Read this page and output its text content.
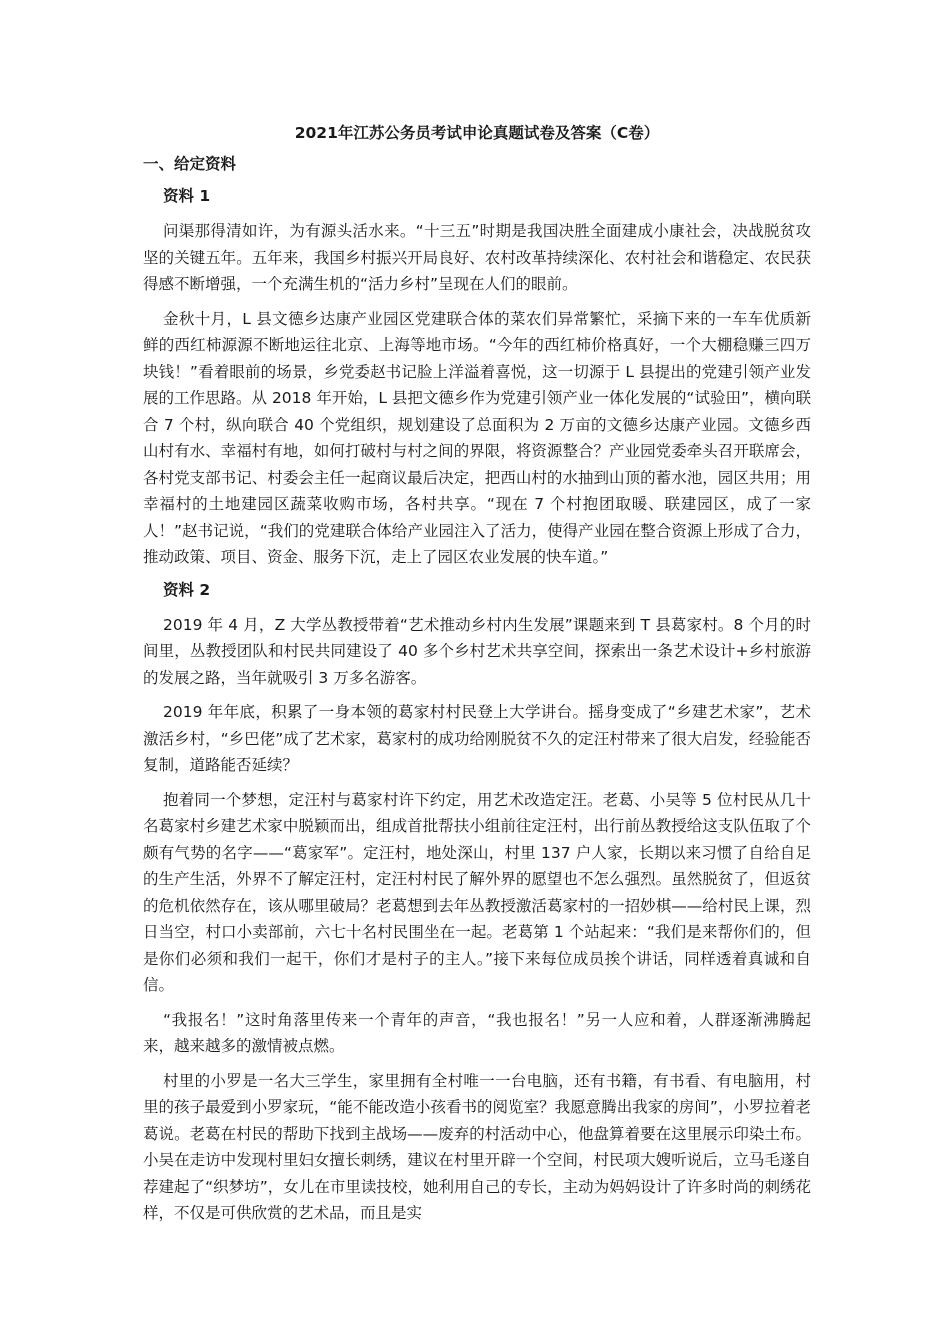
2021年江苏公务员考试申论真题试卷及答案（C卷）
一、给定资料
资料 1

问渠那得清如许，为有源头活水来。“十三五”时期是我国决胜全面建成小康社会，决战脱贫攻坚的关键五年。五年来，我国乡村振兴开局良好、农村改革持续深化、农村社会和谐稳定、农民获得感不断增强，一个充满生机的“活力乡村”呈现在人们的眼前。

金秋十月，L 县文德乡达康产业园区党建联合体的菜农们异常繁忙，采摘下来的一车车优质新鲜的西红柿源源不断地运往北京、上海等地市场。“今年的西红柿价格真好，一个大棚稳赚三四万块钱！”看着眼前的场景，乡党委赵书记脸上洋溢着喜悦，这一切源于 L 县提出的党建引领产业发展的工作思路。从 2018 年开始，L 县把文德乡作为党建引领产业一体化发展的“试验田”，横向联合 7 个村，纵向联合 40 个党组织，规划建设了总面积为 2 万亩的文德乡达康产业园。文德乡西山村有水、幸福村有地，如何打破村与村之间的界限，将资源整合？产业园党委牵头召开联席会，各村党支部书记、村委会主任一起商议最后决定，把西山村的水抽到山顶的蓄水池，园区共用；用幸福村的土地建园区蔬菜收购市场，各村共享。“现在 7 个村抱团取暖、联建园区，成了一家人！”赵书记说，“我们的党建联合体给产业园注入了活力，使得产业园在整合资源上形成了合力，推动政策、项目、资金、服务下沉，走上了园区农业发展的快车道。”

资料 2

2019 年 4 月，Z 大学丛教授带着“艺术推动乡村内生发展”课题来到 T 县葛家村。8 个月的时间里，丛教授团队和村民共同建设了 40 多个乡村艺术共享空间，探索出一条艺术设计+乡村旅游的发展之路，当年就吸引 3 万多名游客。

2019 年年底，积累了一身本领的葛家村村民登上大学讲台。摇身变成了“乡建艺术家”，艺术激活乡村，“乡巴佬”成了艺术家，葛家村的成功给刚脱贫不久的定汪村带来了很大启发，经验能否复制，道路能否延续？

抱着同一个梦想，定汪村与葛家村许下约定，用艺术改造定汪。老葛、小吴等 5 位村民从几十名葛家村乡建艺术家中脱颖而出，组成首批帮扶小组前往定汪村，出行前丛教授给这支队伍取了个颇有气势的名字——“葛家军”。定汪村，地处深山，村里 137 户人家，长期以来习惯了自给自足的生产生活，外界不了解定汪村，定汪村村民了解外界的愿望也不怎么强烈。虽然脱贫了，但返贫的危机依然存在，该从哪里破局？老葛想到去年丛教授激活葛家村的一招妙棋——给村民上课，烈日当空，村口小卖部前，六七十名村民围坐在一起。老葛第 1 个站起来：“我们是来帮你们的，但是你们必须和我们一起干，你们才是村子的主人。”接下来每位成员挨个讲话，同样透着真诚和自信。

“我报名！”这时角落里传来一个青年的声音，“我也报名！”另一人应和着，人群逐渐沸腾起来，越来越多的激情被点燃。

村里的小罗是一名大三学生，家里拥有全村唯一一台电脑，还有书籍，有书看、有电脑用，村里的孩子最爱到小罗家玩，“能不能改造小孩看书的阅览室？我愿意腾出我家的房间”，小罗拉着老葛说。老葛在村民的帮助下找到主战场——废弃的村活动中心，他盘算着要在这里展示印染土布。小吴在走访中发现村里妇女擅长刺绣，建议在村里开辟一个空间，村民项大嫂听说后，立马毛遂自荐建起了“织梦坊”，女儿在市里读技校，她利用自己的专长，主动为妈妈设计了许多时尚的刺绣花样，不仅是可供欣赏的艺术品，而且是实
